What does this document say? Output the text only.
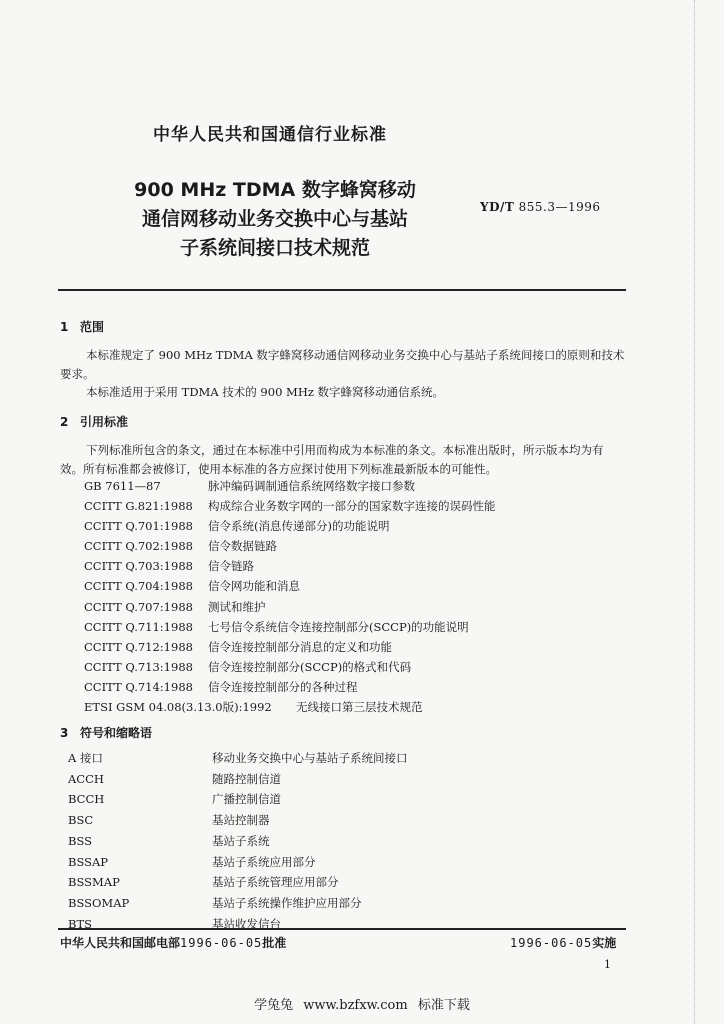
中华人民共和国通信行业标准
900 MHz TDMA 数字蜂窝移动
通信网移动业务交换中心与基站
子系统间接口技术规范
YD/T 855.3—1996
1 范围
本标准规定了 900 MHz TDMA 数字蜂窝移动通信网移动业务交换中心与基站子系统间接口的原则和技术要求。
本标准适用于采用 TDMA 技术的 900 MHz 数字蜂窝移动通信系统。
2 引用标准
下列标准所包含的条文，通过在本标准中引用而构成为本标准的条文。本标准出版时，所示版本均为有效。所有标准都会被修订，使用本标准的各方应探讨使用下列标准最新版本的可能性。
GB 7611—87	脉冲编码调制通信系统网络数字接口参数
CCITT G.821:1988	构成综合业务数字网的一部分的国家数字连接的误码性能
CCITT Q.701:1988	信令系统(消息传递部分)的功能说明
CCITT Q.702:1988	信令数据链路
CCITT Q.703:1988	信令链路
CCITT Q.704:1988	信令网功能和消息
CCITT Q.707:1988	测试和维护
CCITT Q.711:1988	七号信令系统信令连接控制部分(SCCP)的功能说明
CCITT Q.712:1988	信令连接控制部分消息的定义和功能
CCITT Q.713:1988	信令连接控制部分(SCCP)的格式和代码
CCITT Q.714:1988	信令连接控制部分的各种过程
ETSI GSM 04.08(3.13.0版):1992	无线接口第三层技术规范
3 符号和缩略语
A 接口	移动业务交换中心与基站子系统间接口
ACCH	随路控制信道
BCCH	广播控制信道
BSC	基站控制器
BSS	基站子系统
BSSAP	基站子系统应用部分
BSSMAP	基站子系统管理应用部分
BSSOMAP	基站子系统操作维护应用部分
BTS	基站收发信台
中华人民共和国邮电部1996-06-05批准	1996-06-05实施
1
学兔兔 www.bzfxw.com 标准下载
